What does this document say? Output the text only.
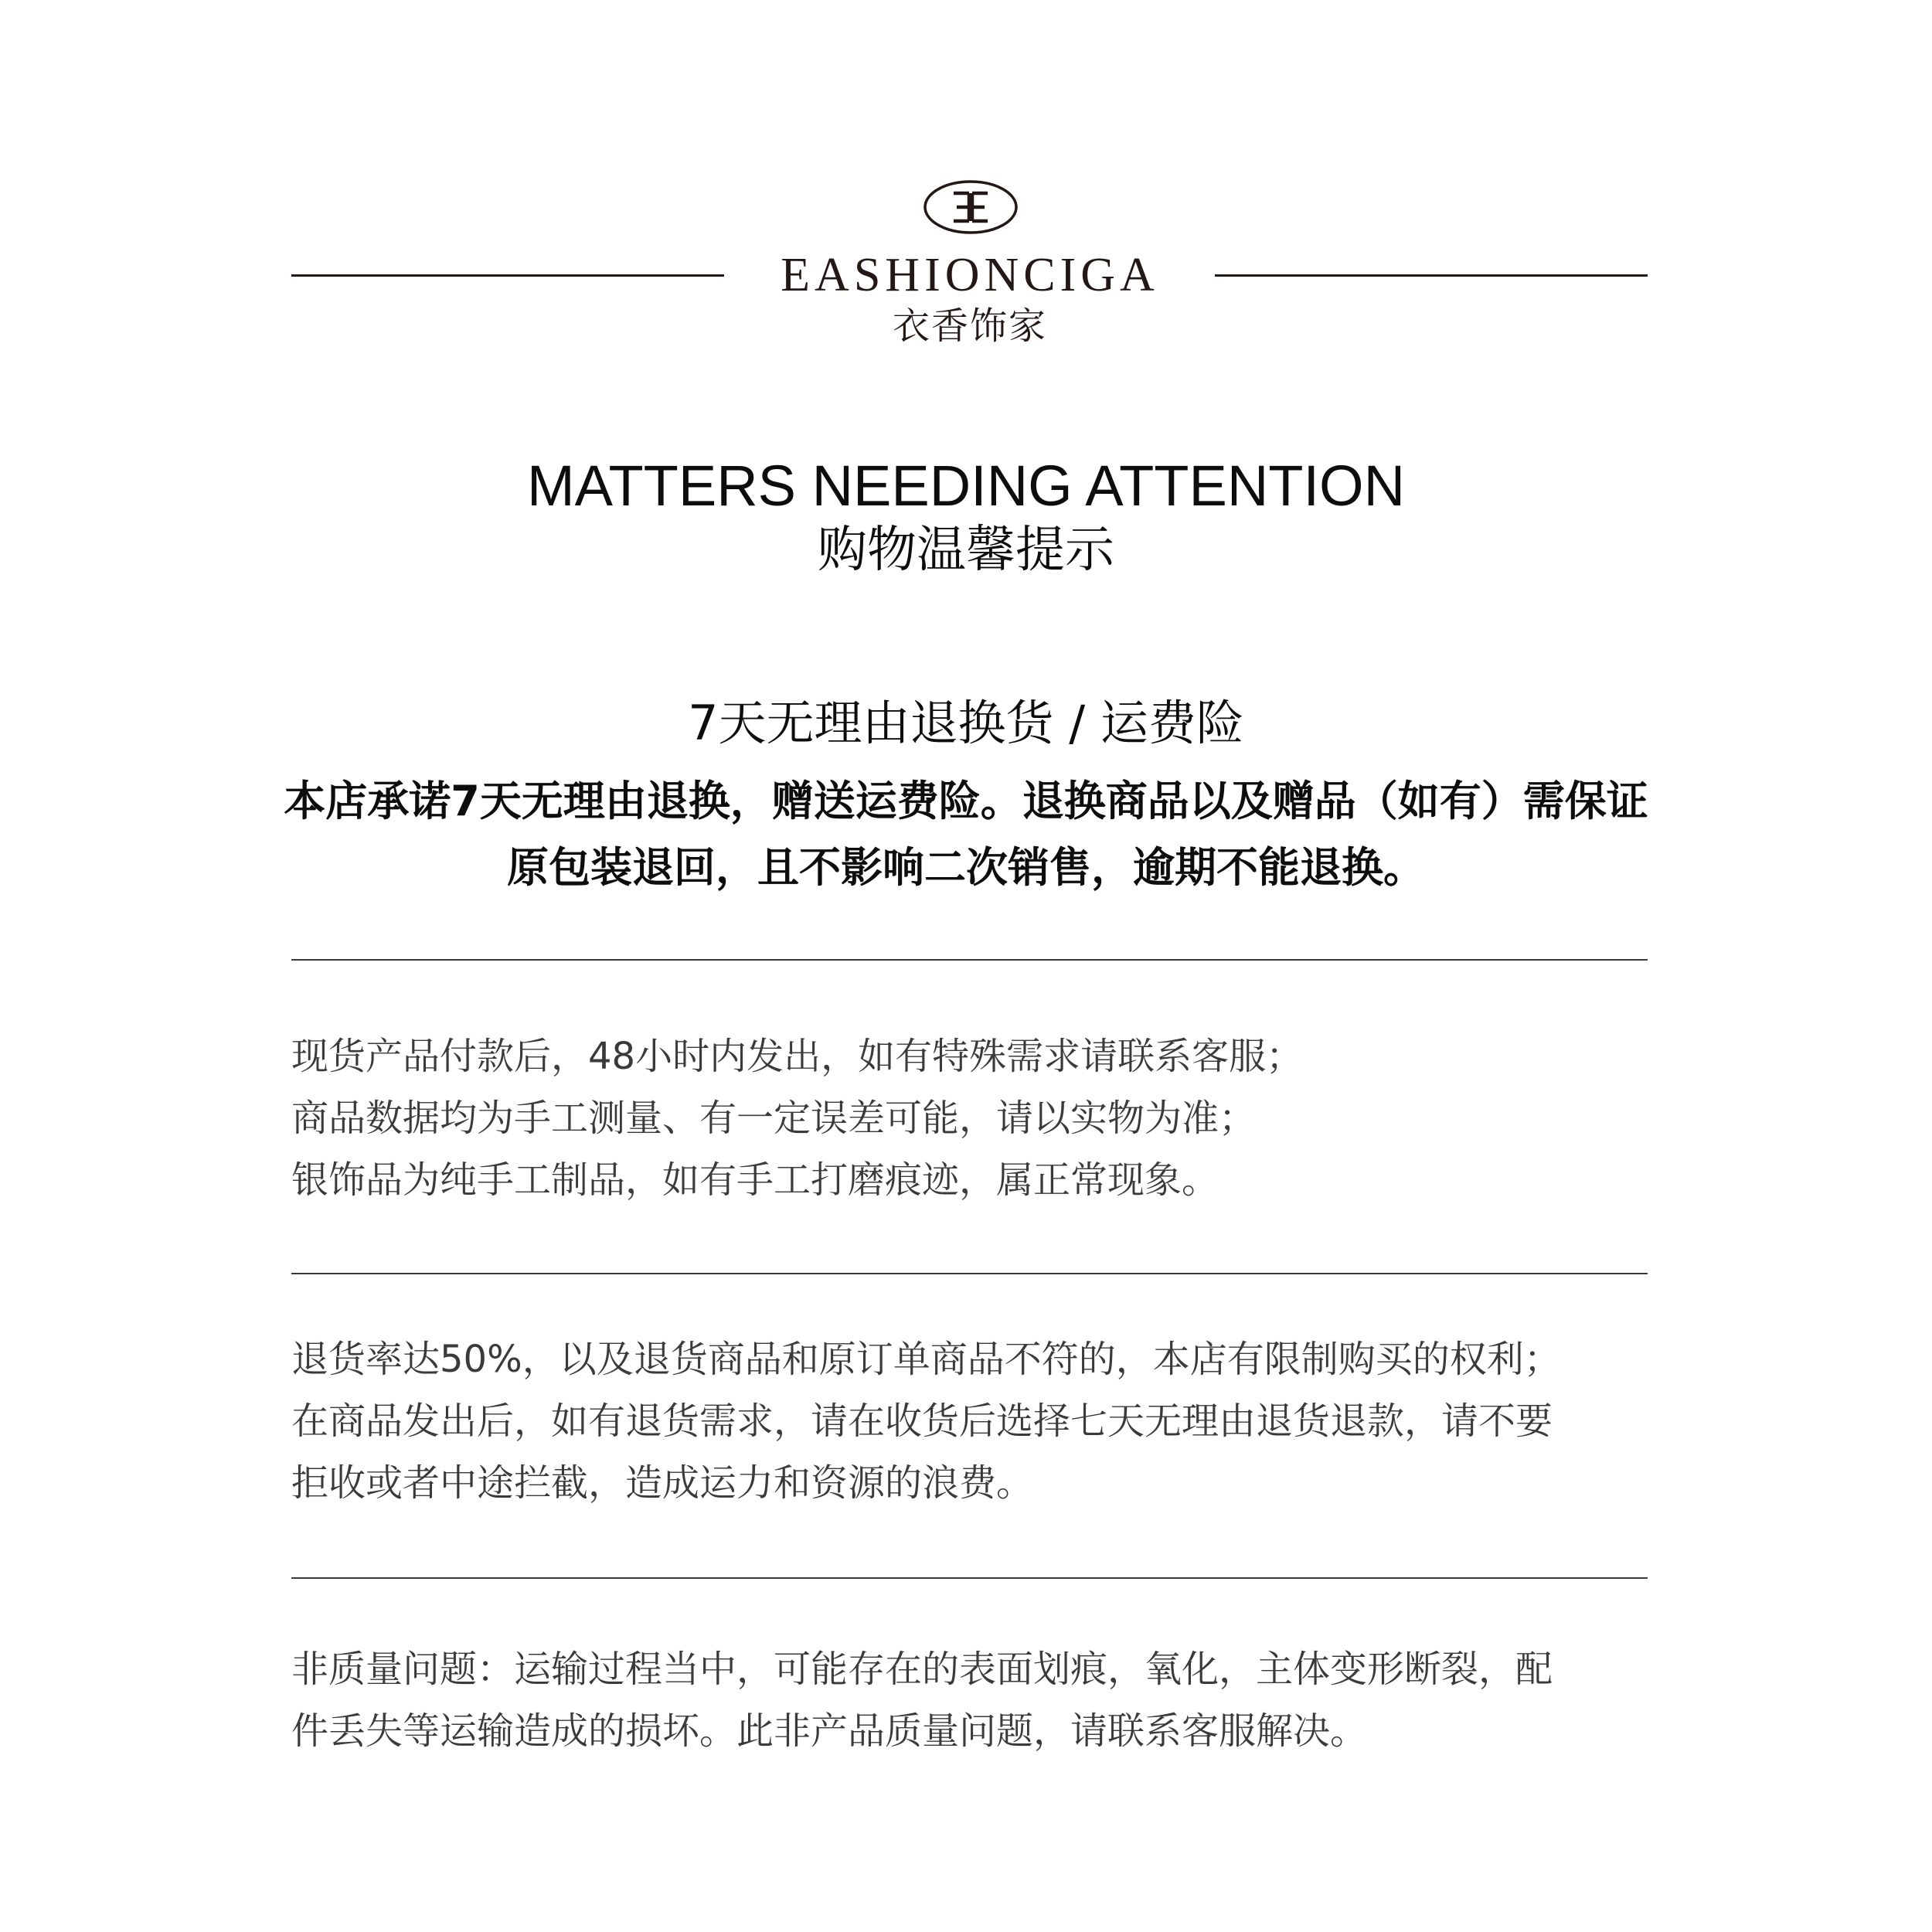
EASHIONCIGA
衣香饰家
MATTERS NEEDING ATTENTION
购物温馨提示
7天无理由退换货 / 运费险
本店承诺7天无理由退换，赠送运费险。退换商品以及赠品（如有）需保证
原包装退回，且不影响二次销售，逾期不能退换。
现货产品付款后，48小时内发出，如有特殊需求请联系客服；
商品数据均为手工测量、有一定误差可能，请以实物为准；
银饰品为纯手工制品，如有手工打磨痕迹，属正常现象。
退货率达50%，以及退货商品和原订单商品不符的，本店有限制购买的权利；
在商品发出后，如有退货需求，请在收货后选择七天无理由退货退款，请不要
拒收或者中途拦截，造成运力和资源的浪费。
非质量问题：运输过程当中，可能存在的表面划痕，氧化，主体变形断裂，配
件丢失等运输造成的损坏。此非产品质量问题，请联系客服解决。
